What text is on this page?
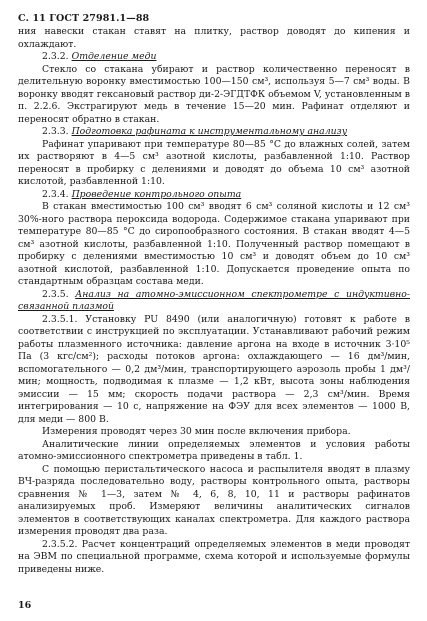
С. 11 ГОСТ 27981.1—88

ния навески стакан ставят на плитку, раствор доводят до кипения и охлаждают.

2.3.2. Отделение меди

Стекло со стакана убирают и раствор количественно переносят в делительную воронку вместимостью 100—150 см³, используя 5—7 см³ воды. В воронку вводят гексановый раствор ди-2-ЭГДТФК объемом V, установленным в п. 2.2.6. Экстрагируют медь в течение 15—20 мин. Рафинат отделяют и переносят обратно в стакан.

2.3.3. Подготовка рафината к инструментальному анализу

Рафинат упаривают при температуре 80—85 °С до влажных солей, затем их растворяют в 4—5 см³ азотной кислоты, разбавленной 1:10. Раствор переносят в пробирку с делениями и доводят до объема 10 см³ азотной кислотой, разбавленной 1:10.

2.3.4. Проведение контрольного опыта

В стакан вместимостью 100 см³ вводят 6 см³ соляной кислоты и 12 см³ 30%-ного раствора пероксида водорода. Содержимое стакана упаривают при температуре 80—85 °С до сиропообразного состояния. В стакан вводят 4—5 см³ азотной кислоты, разбавленной 1:10. Полученный раствор помещают в пробирку с делениями вместимостью 10 см³ и доводят объем до 10 см³ азотной кислотой, разбавленной 1:10. Допускается проведение опыта по стандартным образцам состава меди.

2.3.5. Анализ на атомно-эмиссионном спектрометре с индуктивно-связанной плазмой

2.3.5.1. Установку PU 8490 (или аналогичную) готовят к работе в соответствии с инструкцией по эксплуатации. Устанавливают рабочий режим работы плазменного источника: давление аргона на входе в источник 3·10⁵ Па (3 кгс/см²); расходы потоков аргона: охлаждающего — 16 дм³/мин, вспомогательного — 0,2 дм³/мин, транспортирующего аэрозоль пробы 1 дм³/мин; мощность, подводимая к плазме — 1,2 кВт, высота зоны наблюдения эмиссии — 15 мм; скорость подачи раствора — 2,3 см³/мин. Время интегрирования — 10 с, напряжение на ФЭУ для всех элементов — 1000 В, для меди — 800 В.

Измерения проводят через 30 мин после включения прибора.

Аналитические линии определяемых элементов и условия работы атомно-эмиссионного спектрометра приведены в табл. 1.

С помощью перистальтического насоса и распылителя вводят в плазму ВЧ-разряда последовательно воду, растворы контрольного опыта, растворы сравнения № 1—3, затем № 4, 6, 8, 10, 11 и растворы рафинатов анализируемых проб. Измеряют величины аналитических сигналов элементов в соответствующих каналах спектрометра. Для каждого раствора измерения проводят два раза.

2.3.5.2. Расчет концентраций определяемых элементов в меди проводят на ЭВМ по специальной программе, схема которой и используемые формулы приведены ниже.

16
